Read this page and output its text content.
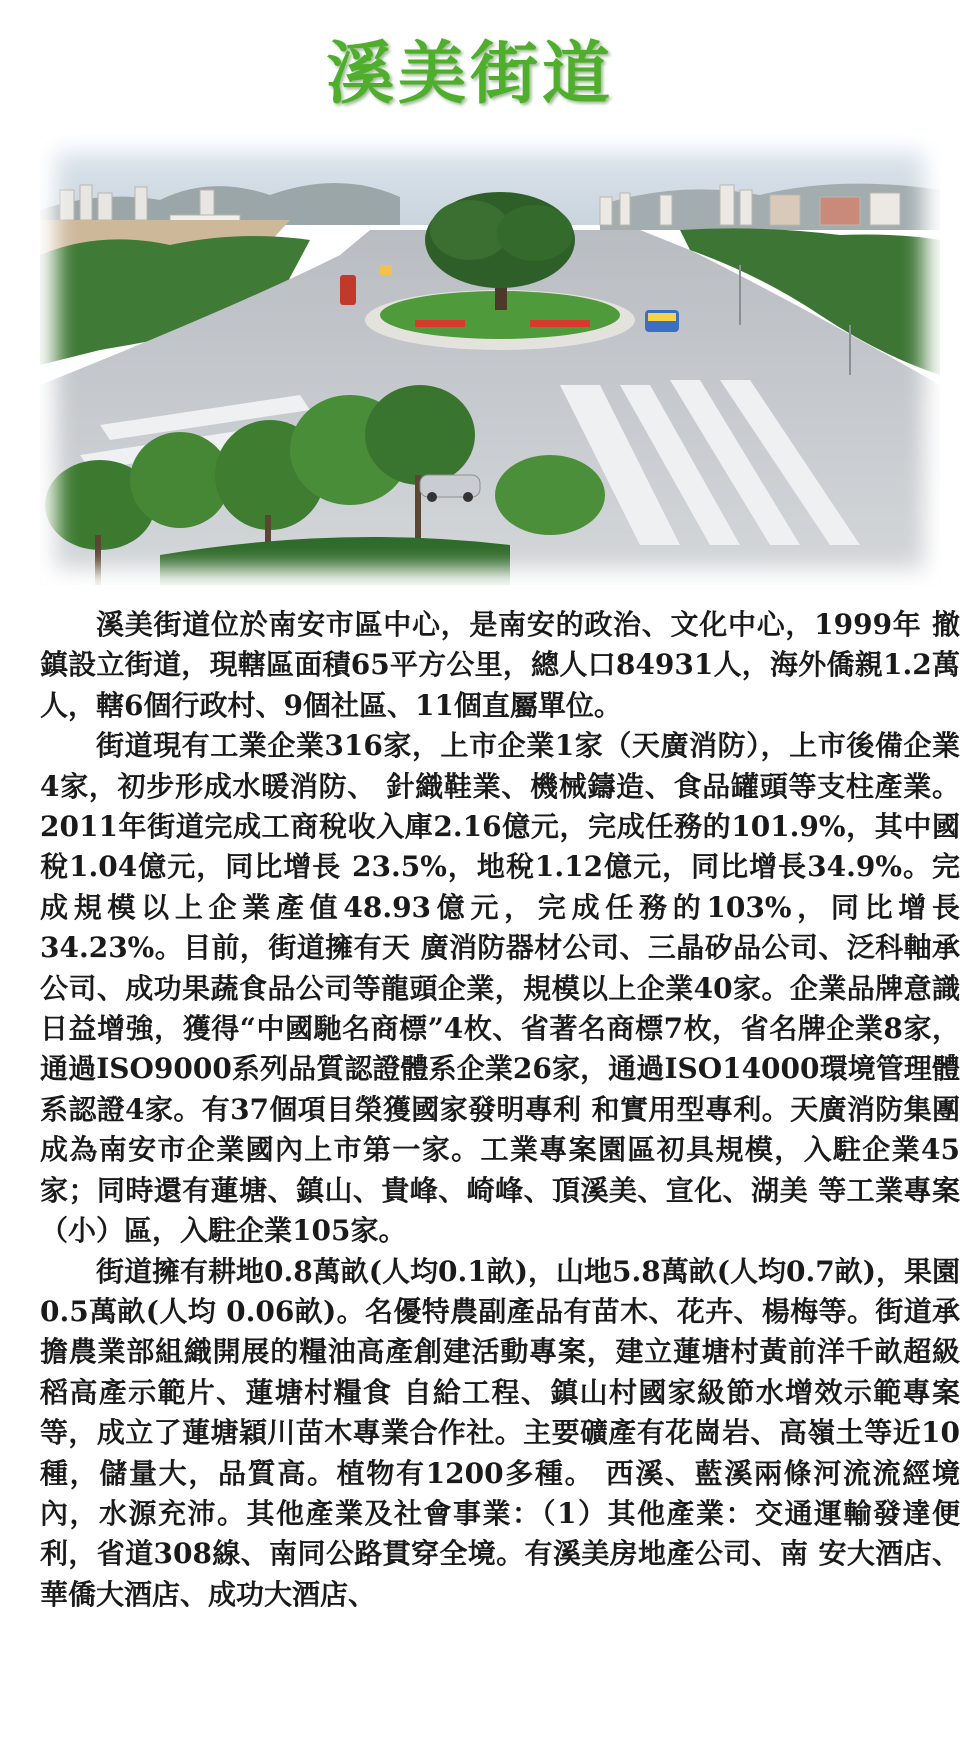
溪美街道

溪美街道位於南安市區中心，是南安的政治、文化中心，1999年 撤鎮設立街道，現轄區面積65平方公里，總人口84931人，海外僑親1.2萬人，轄6個行政村、9個社區、11個直屬單位。

街道現有工業企業316家，上市企業1家（天廣消防），上市後備企業4家，初步形成水暖消防、 針織鞋業、機械鑄造、食品罐頭等支柱產業。2011年街道完成工商稅收入庫2.16億元，完成任務的101.9%，其中國稅1.04億元，同比增長 23.5%，地稅1.12億元，同比增長34.9%。完成規模以上企業產值48.93億元，完成任務的103%，同比增長34.23%。目前，街道擁有天 廣消防器材公司、三晶矽品公司、泛科軸承公司、成功果蔬食品公司等龍頭企業，規模以上企業40家。企業品牌意識日益增強，獲得“中國馳名商標”4枚、省著名商標7枚，省名牌企業8家，通過ISO9000系列品質認證體系企業26家，通過ISO14000環境管理體系認證4家。有37個項目榮獲國家發明專利 和實用型專利。天廣消防集團成為南安市企業國內上市第一家。工業專案園區初具規模，入駐企業45家；同時還有蓮塘、鎮山、貴峰、崎峰、頂溪美、宣化、湖美 等工業專案（小）區，入駐企業105家。

街道擁有耕地0.8萬畝(人均0.1畝)，山地5.8萬畝(人均0.7畝)，果園0.5萬畝(人均 0.06畝)。名優特農副產品有苗木、花卉、楊梅等。街道承擔農業部組織開展的糧油高產創建活動專案，建立蓮塘村黃前洋千畝超級稻高產示範片、蓮塘村糧食 自給工程、鎮山村國家級節水增效示範專案等，成立了蓮塘穎川苗木專業合作社。主要礦產有花崗岩、高嶺土等近10種，儲量大，品質高。植物有1200多種。 西溪、藍溪兩條河流流經境內，水源充沛。其他產業及社會事業：（1）其他產業：交通運輸發達便利，省道308線、南同公路貫穿全境。有溪美房地產公司、南 安大酒店、華僑大酒店、成功大酒店、
